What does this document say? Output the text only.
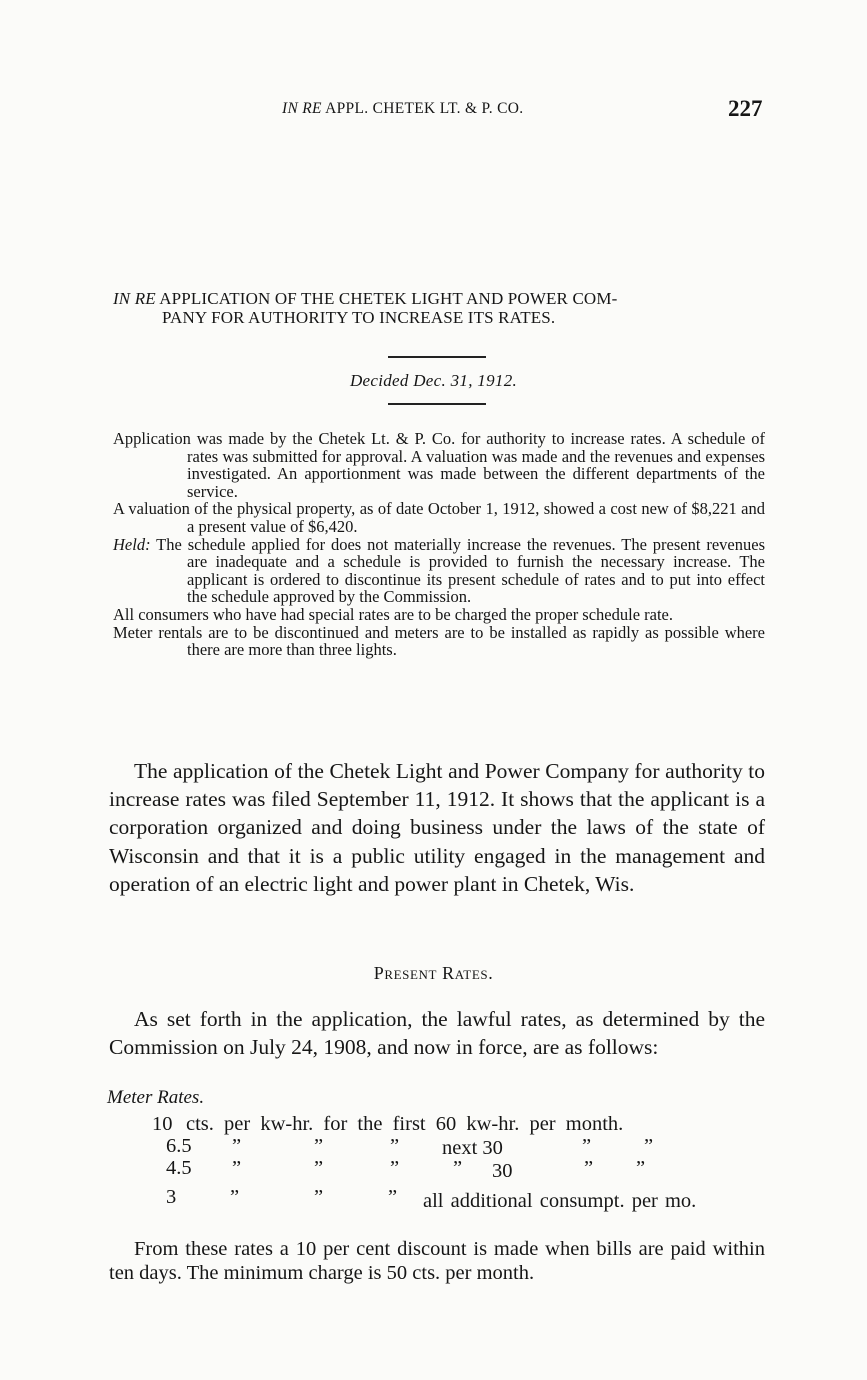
IN RE APPL. CHETEK LT. & P. CO.	227
IN RE APPLICATION OF THE CHETEK LIGHT AND POWER COM-
PANY FOR AUTHORITY TO INCREASE ITS RATES.
Decided Dec. 31, 1912.

Application was made by the Chetek Lt. & P. Co. for authority to increase rates. A schedule of rates was submitted for approval. A valuation was made and the revenues and expenses investigated. An apportionment was made between the different departments of the service.

A valuation of the physical property, as of date October 1, 1912, showed a cost new of $8,221 and a present value of $6,420.

Held: The schedule applied for does not materially increase the revenues. The present revenues are inadequate and a schedule is provided to furnish the necessary increase. The applicant is ordered to discontinue its present schedule of rates and to put into effect the schedule approved by the Commission.

All consumers who have had special rates are to be charged the proper schedule rate.

Meter rentals are to be discontinued and meters are to be installed as rapidly as possible where there are more than three lights.

The application of the Chetek Light and Power Company for authority to increase rates was filed September 11, 1912. It shows that the applicant is a corporation organized and doing business under the laws of the state of Wisconsin and that it is a public utility engaged in the management and operation of an electric light and power plant in Chetek, Wis.

Present Rates.

As set forth in the application, the lawful rates, as determined by the Commission on July 24, 1908, and now in force, are as follows:

Meter Rates.
10 cts. per kw-hr. for the first 60 kw-hr. per month.
6.5 ”	”	” next 30	”	”
4.5 ”	”	”	” 30	” ”
3	”	”	” all additional consumpt. per mo.

From these rates a 10 per cent discount is made when bills are paid within ten days. The minimum charge is 50 cts. per month.
